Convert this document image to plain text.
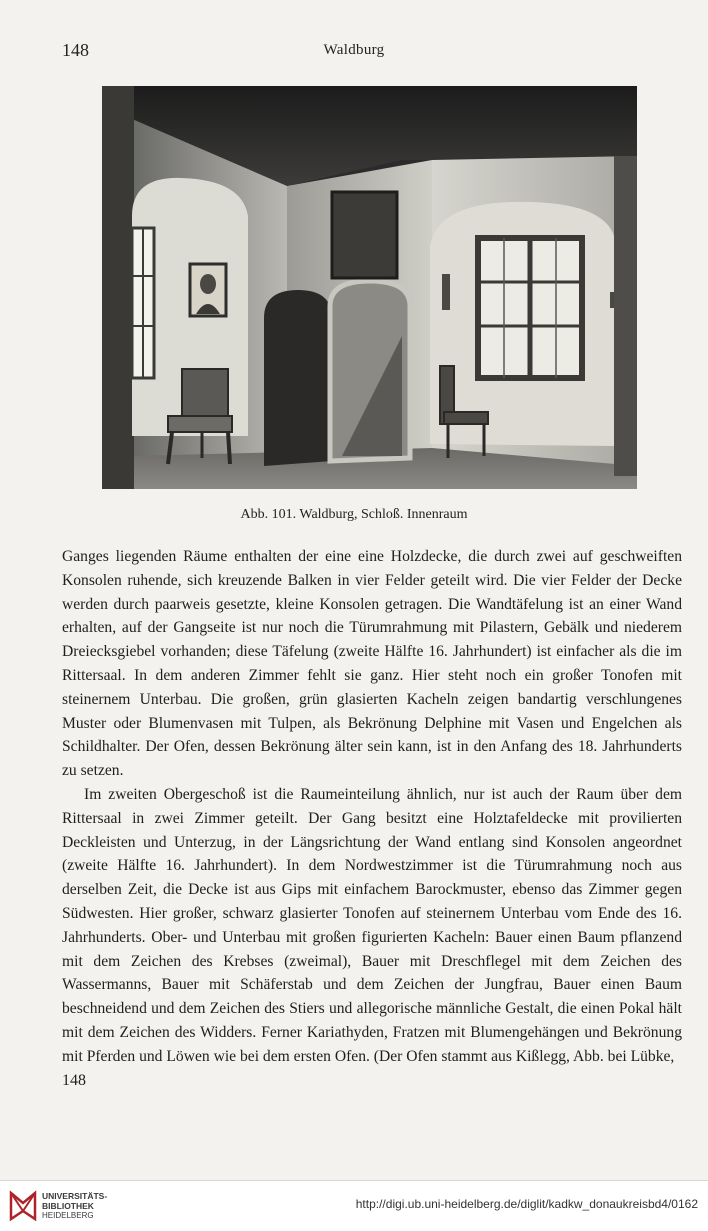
148	Waldburg
Abb. 101. Waldburg, Schloß. Innenraum

Ganges liegenden Räume enthalten der eine eine Holzdecke, die durch zwei auf geschweiften Konsolen ruhende, sich kreuzende Balken in vier Felder geteilt wird. Die vier Felder der Decke werden durch paarweis gesetzte, kleine Konsolen getragen. Die Wandtäfelung ist an einer Wand erhalten, auf der Gangseite ist nur noch die Türumrahmung mit Pilastern, Gebälk und niederem Dreiecksgiebel vorhanden; diese Täfelung (zweite Hälfte 16. Jahrhundert) ist einfacher als die im Rittersaal. In dem anderen Zimmer fehlt sie ganz. Hier steht noch ein großer Tonofen mit steinernem Unterbau. Die großen, grün glasierten Kacheln zeigen bandartig verschlungenes Muster oder Blumenvasen mit Tulpen, als Bekrönung Delphine mit Vasen und Engelchen als Schildhalter. Der Ofen, dessen Bekrönung älter sein kann, ist in den Anfang des 18. Jahrhunderts zu setzen.

Im zweiten Obergeschoß ist die Raumeinteilung ähnlich, nur ist auch der Raum über dem Rittersaal in zwei Zimmer geteilt. Der Gang besitzt eine Holztafeldecke mit provilierten Deckleisten und Unterzug, in der Längsrichtung der Wand entlang sind Konsolen angeordnet (zweite Hälfte 16. Jahrhundert). In dem Nordwestzimmer ist die Türumrahmung noch aus derselben Zeit, die Decke ist aus Gips mit einfachem Barockmuster, ebenso das Zimmer gegen Südwesten. Hier großer, schwarz glasierter Tonofen auf steinernem Unterbau vom Ende des 16. Jahrhunderts. Ober- und Unterbau mit großen figurierten Kacheln: Bauer einen Baum pflanzend mit dem Zeichen des Krebses (zweimal), Bauer mit Dreschflegel mit dem Zeichen des Wassermanns, Bauer mit Schäferstab und dem Zeichen der Jungfrau, Bauer einen Baum beschneidend und dem Zeichen des Stiers und allegorische männliche Gestalt, die einen Pokal hält mit dem Zeichen des Widders. Ferner Kariathyden, Fratzen mit Blumengehängen und Bekrönung mit Pferden und Löwen wie bei dem ersten Ofen. (Der Ofen stammt aus Kißlegg, Abb. bei Lübke,

148
UNIVERSITÄTS-
BIBLIOTHEK
HEIDELBERG
http://digi.ub.uni-heidelberg.de/diglit/kadkw_donaukreisbd4/0162
